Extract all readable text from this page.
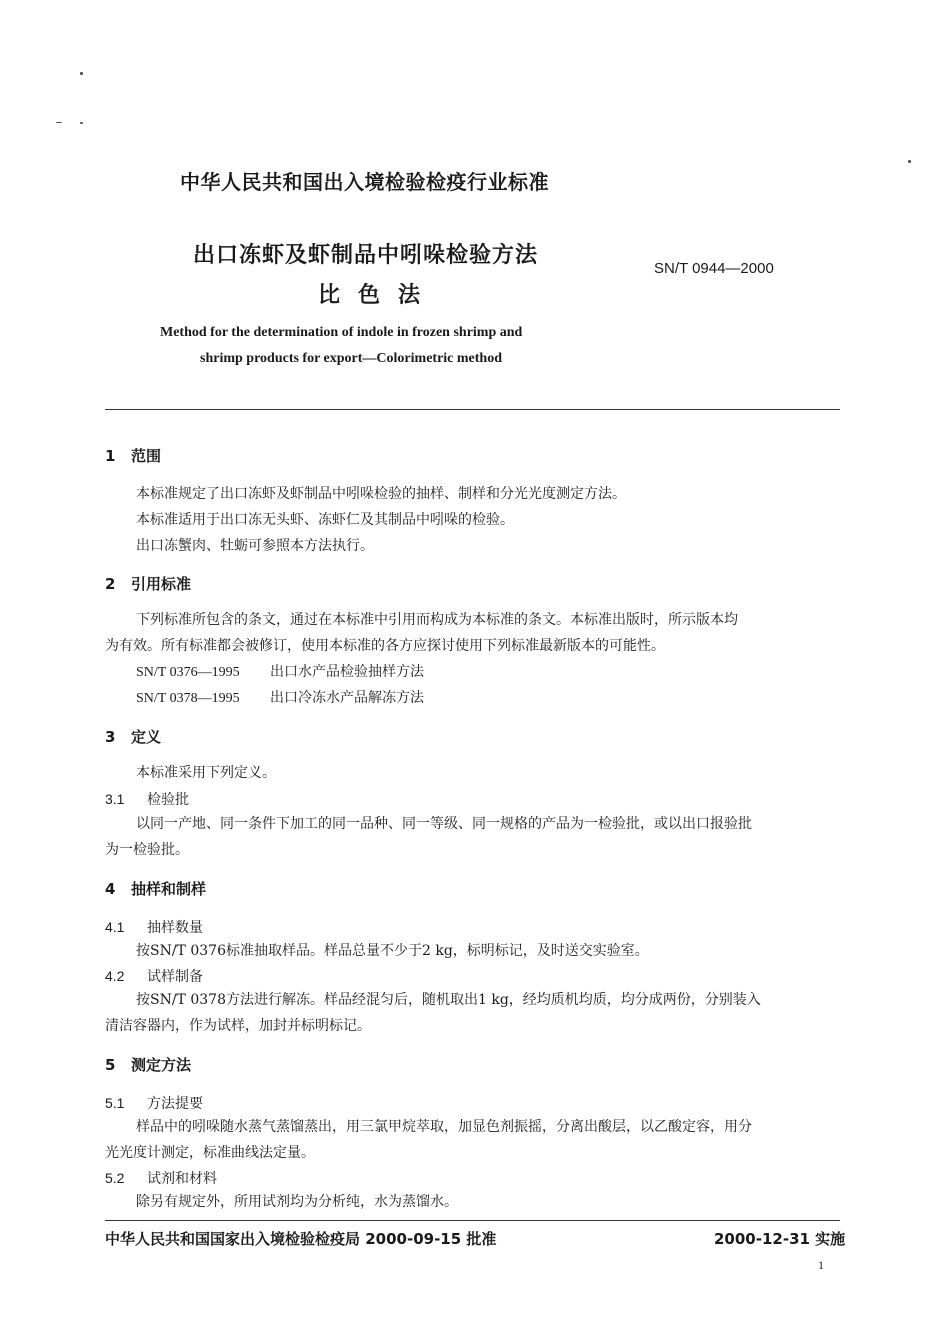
中华人民共和国出入境检验检疫行业标准
出口冻虾及虾制品中吲哚检验方法
比色法
SN/T 0944—2000
Method for the determination of indole in frozen shrimp and
shrimp products for export—Colorimetric method
1 范围
本标准规定了出口冻虾及虾制品中吲哚检验的抽样、制样和分光光度测定方法。
本标准适用于出口冻无头虾、冻虾仁及其制品中吲哚的检验。
出口冻蟹肉、牡蛎可参照本方法执行。
2 引用标准
下列标准所包含的条文，通过在本标准中引用而构成为本标准的条文。本标准出版时，所示版本均
为有效。所有标准都会被修订，使用本标准的各方应探讨使用下列标准最新版本的可能性。
SN/T 0376—1995 出口水产品检验抽样方法
SN/T 0378—1995 出口冷冻水产品解冻方法
3 定义
本标准采用下列定义。
3.1 检验批
以同一产地、同一条件下加工的同一品种、同一等级、同一规格的产品为一检验批，或以出口报验批
为一检验批。
4 抽样和制样
4.1 抽样数量
按SN/T 0376标准抽取样品。样品总量不少于2 kg，标明标记，及时送交实验室。
4.2 试样制备
按SN/T 0378方法进行解冻。样品经混匀后，随机取出1 kg，经均质机均质，均分成两份，分别装入
清洁容器内，作为试样，加封并标明标记。
5 测定方法
5.1 方法提要
样品中的吲哚随水蒸气蒸馏蒸出，用三氯甲烷萃取，加显色剂振摇，分离出酸层，以乙酸定容，用分
光光度计测定，标准曲线法定量。
5.2 试剂和材料
除另有规定外，所用试剂均为分析纯，水为蒸馏水。
中华人民共和国国家出入境检验检疫局 2000-09-15 批准	2000-12-31 实施
1
